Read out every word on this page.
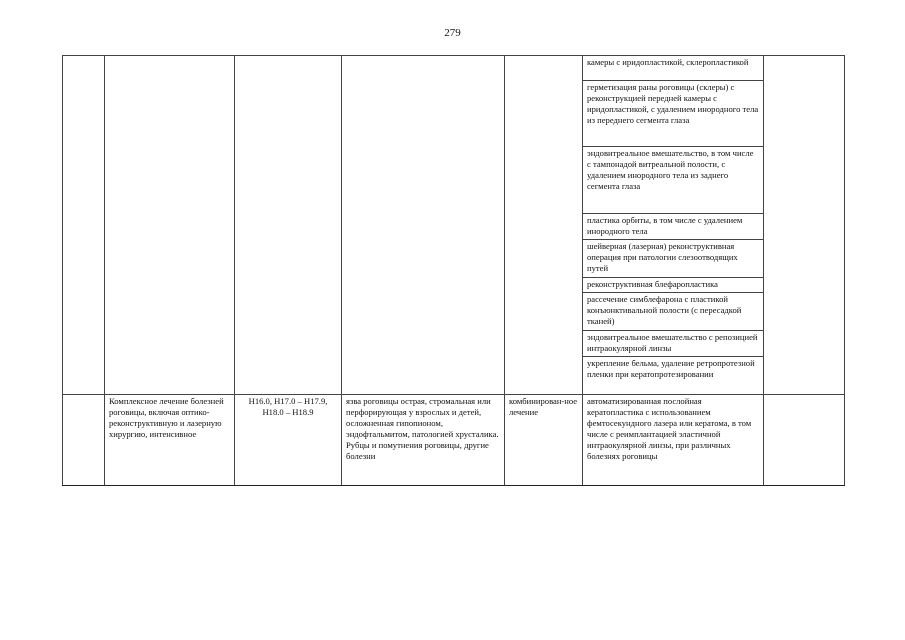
279
					камеры с иридопластикой, склеропластикой	
					герметизация раны роговицы (склеры) с реконструкцией передней камеры с иридопластикой, с удалением инородного тела из переднего сегмента глаза	
					эндовитреальное вмешательство, в том числе с тампонадой витреальной полости, с удалением инородного тела из заднего сегмента глаза	
					пластика орбиты, в том числе с удалением инородного тела	
					шейверная (лазерная) реконструктивная операция при патологии слезоотводящих путей	
					реконструктивная блефаропластика	
					рассечение симблефарона с пластикой конъюнктивальной полости (с пересадкой тканей)	
					эндовитреальное вмешательство с репозицией интраокулярной линзы	
					укрепление бельма, удаление ретропротезной пленки при кератопротезировании	
	Комплексное лечение болезней роговицы, включая оптико-реконструктивную и лазерную хирургию, интенсивное	H16.0, H17.0 – H17.9, H18.0 – H18.9	язва роговицы острая, стромальная или перфорирующая у взрослых и детей, осложненная гипопионом, эндофтальмитом, патологией хрусталика. Рубцы и помутнения роговицы, другие болезни	комбинирован-ное лечение	автоматизированная послойная кератопластика с использованием фемтосекундного лазера или кератома, в том числе с реимплантацией эластичной интраокулярной линзы, при различных болезнях роговицы	
